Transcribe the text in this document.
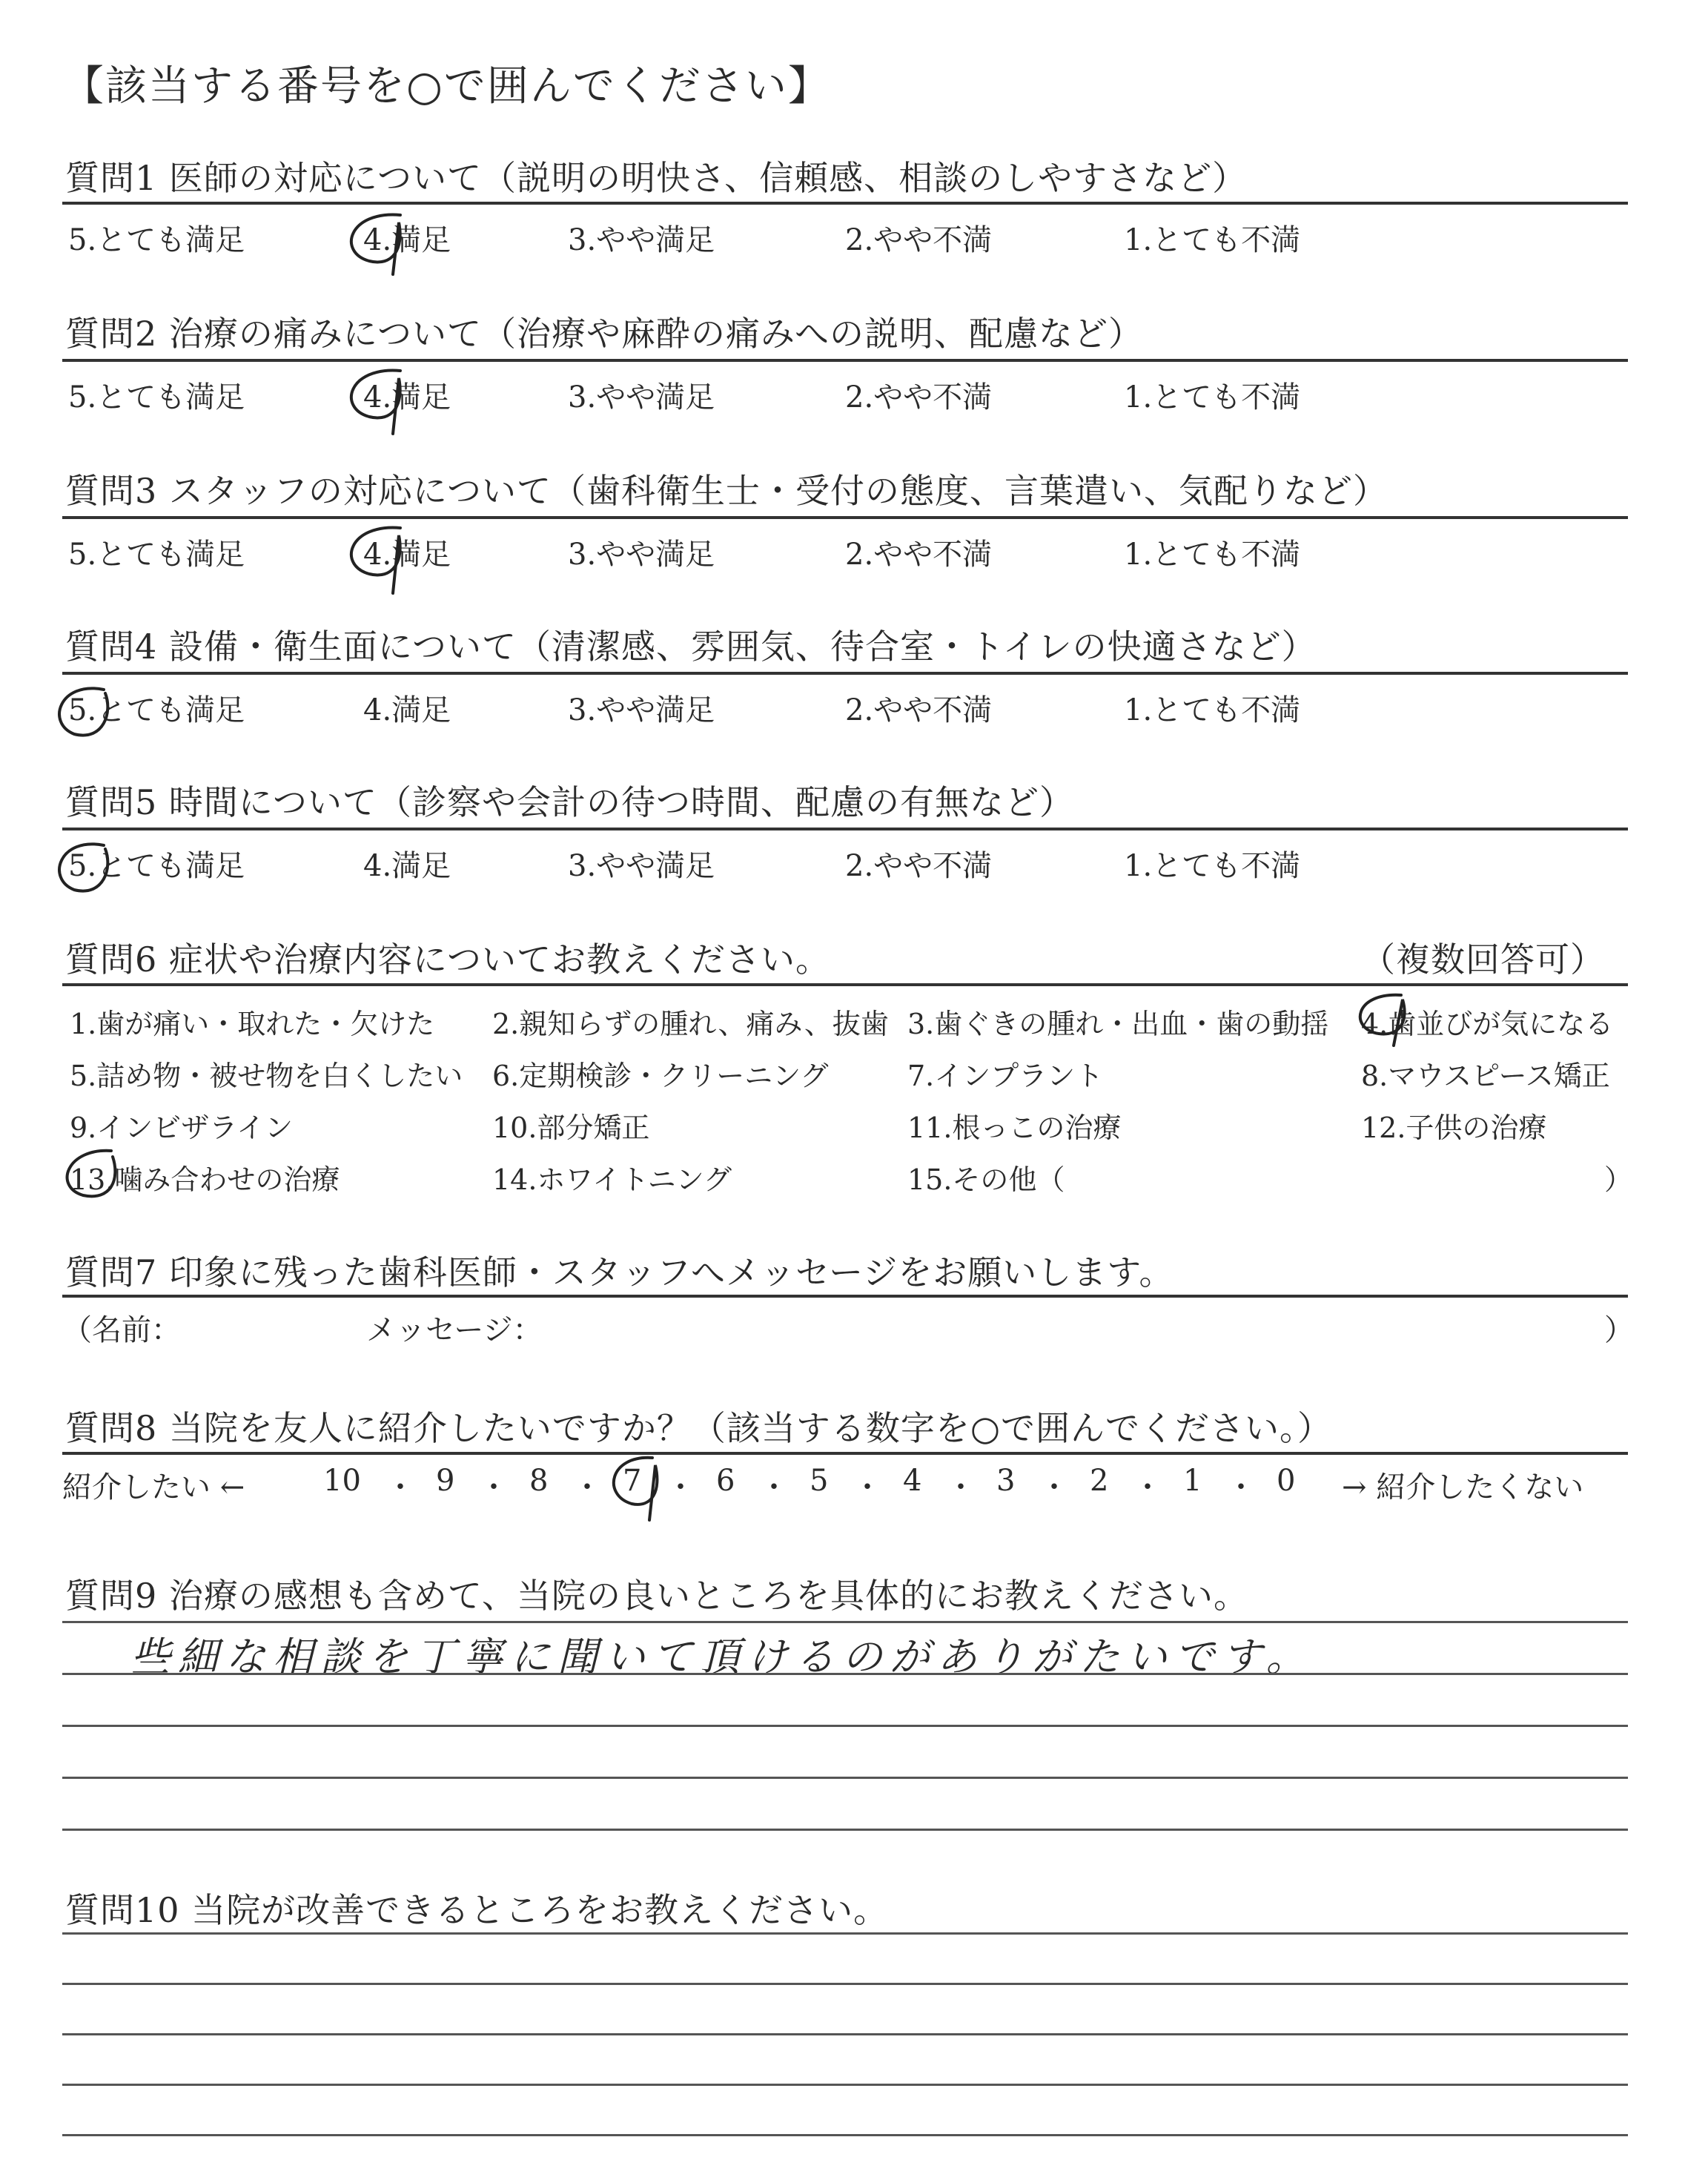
【該当する番号を○で囲んでください】
質問1 医師の対応について（説明の明快さ、信頼感、相談のしやすさなど）
5.とても満足	4.満足	3.やや満足	2.やや不満	1.とても不満
質問2 治療の痛みについて（治療や麻酔の痛みへの説明、配慮など）
5.とても満足	4.満足	3.やや満足	2.やや不満	1.とても不満
質問3 スタッフの対応について（歯科衛生士・受付の態度、言葉遣い、気配りなど）
5.とても満足	4.満足	3.やや満足	2.やや不満	1.とても不満
質問4 設備・衛生面について（清潔感、雰囲気、待合室・トイレの快適さなど）
5.とても満足	4.満足	3.やや満足	2.やや不満	1.とても不満
質問5 時間について（診察や会計の待つ時間、配慮の有無など）
5.とても満足	4.満足	3.やや満足	2.やや不満	1.とても不満
質問6 症状や治療内容についてお教えください。	（複数回答可）
1.歯が痛い・取れた・欠けた 2.親知らずの腫れ、痛み、抜歯 3.歯ぐきの腫れ・出血・歯の動揺 4.歯並びが気になる
5.詰め物・被せ物を白くしたい 6.定期検診・クリーニング	7.インプラント	8.マウスピース矯正
9.インビザライン	10.部分矯正	11.根っこの治療	12.子供の治療
13.噛み合わせの治療	14.ホワイトニング	15.その他（	）
質問7 印象に残った歯科医師・スタッフへメッセージをお願いします。
（名前：	メッセージ：	）
質問8 当院を友人に紹介したいですか？（該当する数字を○で囲んでください。）
紹介したい ←	10 ・ 9 ・ 8 ・ 7 ・ 6 ・ 5 ・ 4 ・ 3 ・ 2 ・ 1 ・ 0 → 紹介したくない
質問9 治療の感想も含めて、当院の良いところを具体的にお教えください。
些細な相談を丁寧に聞いて頂けるのがありがたいです。
質問10 当院が改善できるところをお教えください。
